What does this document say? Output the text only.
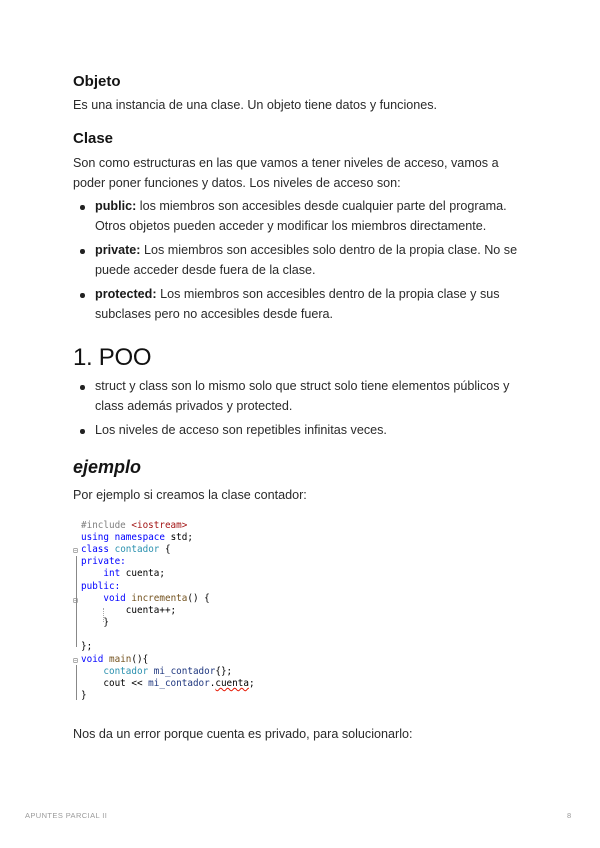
Objeto

Es una instancia de una clase. Un objeto tiene datos y funciones.

Clase

Son como estructuras en las que vamos a tener niveles de acceso, vamos a poder poner funciones y datos. Los niveles de acceso son:

public: los miembros son accesibles desde cualquier parte del programa. Otros objetos pueden acceder y modificar los miembros directamente.
private: Los miembros son accesibles solo dentro de la propia clase. No se puede acceder desde fuera de la clase.
protected: Los miembros son accesibles dentro de la propia clase y sus subclases pero no accesibles desde fuera.
1. POO
struct y class son lo mismo solo que struct solo tiene elementos públicos y class además privados y protected.
Los niveles de acceso son repetibles infinitas veces.
ejemplo

Por ejemplo si creamos la clase contador:

Nos da un error porque cuenta es privado, para solucionarlo:

⊟
⊟
⊟
#include <iostream>
using namespace std;
class contador {
private:
int cuenta;
public:
void incrementa() {
cuenta++;
}
};
void main(){
contador mi_contador{};
cout << mi_contador.cuenta;
}
APUNTES PARCIAL II	8
